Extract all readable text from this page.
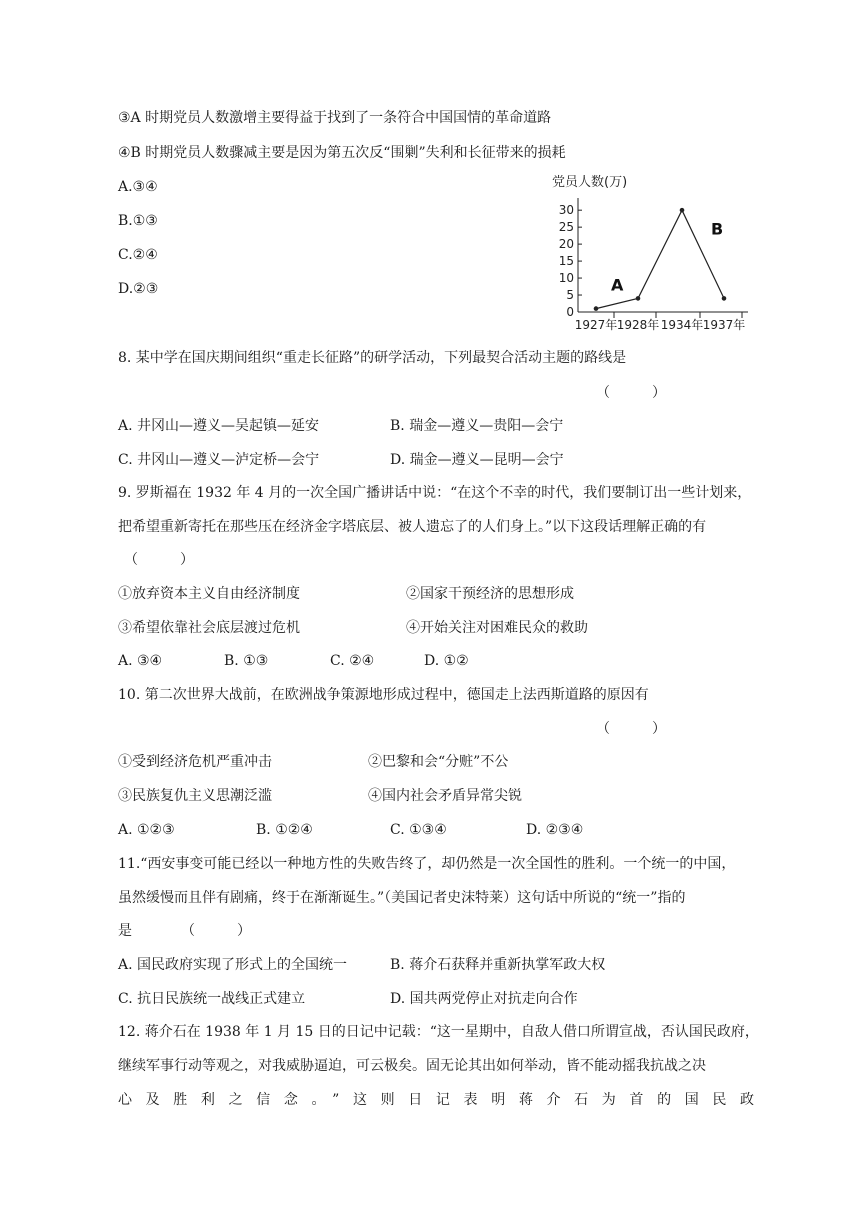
③A 时期党员人数激增主要得益于找到了一条符合中国国情的革命道路
④B 时期党员人数骤减主要是因为第五次反“围剿”失利和长征带来的损耗
A.③④
B.①③
C.②④
D.②③
党员人数(万)
0
5
10
15
20
25
30
1927年 1928年 1934年 1937年
A
B
8. 某中学在国庆期间组织“重走长征路”的研学活动，下列最契合活动主题的路线是
（　　　）
A. 井冈山—遵义—吴起镇—延安	B. 瑞金—遵义—贵阳—会宁
C. 井冈山—遵义—泸定桥—会宁	D. 瑞金—遵义—昆明—会宁
9. 罗斯福在 1932 年 4 月的一次全国广播讲话中说：“在这个不幸的时代，我们要制订出一些计划来，
把希望重新寄托在那些压在经济金字塔底层、被人遗忘了的人们身上。”以下这段话理解正确的有
（　　　）
①放弃资本主义自由经济制度	②国家干预经济的思想形成
③希望依靠社会底层渡过危机	④开始关注对困难民众的救助
A. ③④	B. ①③	C. ②④	D. ①②
10. 第二次世界大战前，在欧洲战争策源地形成过程中，德国走上法西斯道路的原因有
（　　　）
①受到经济危机严重冲击	②巴黎和会“分赃”不公
③民族复仇主义思潮泛滥	④国内社会矛盾异常尖锐
A. ①②③	B. ①②④	C. ①③④	D. ②③④
11.“西安事变可能已经以一种地方性的失败告终了，却仍然是一次全国性的胜利。一个统一的中国，
虽然缓慢而且伴有剧痛，终于在渐渐诞生。”（美国记者史沫特莱）这句话中所说的“统一”指的
是　　　　（　　　）
A. 国民政府实现了形式上的全国统一	B. 蒋介石获释并重新执掌军政大权
C. 抗日民族统一战线正式建立	D. 国共两党停止对抗走向合作
12. 蒋介石在 1938 年 1 月 15 日的日记中记载：“这一星期中，自敌人借口所谓宣战，否认国民政府，
继续军事行动等观之，对我威胁逼迫，可云极矣。固无论其出如何举动，皆不能动摇我抗战之决
心及胜利之信念。”这则日记表明蒋介石为首的国民政
